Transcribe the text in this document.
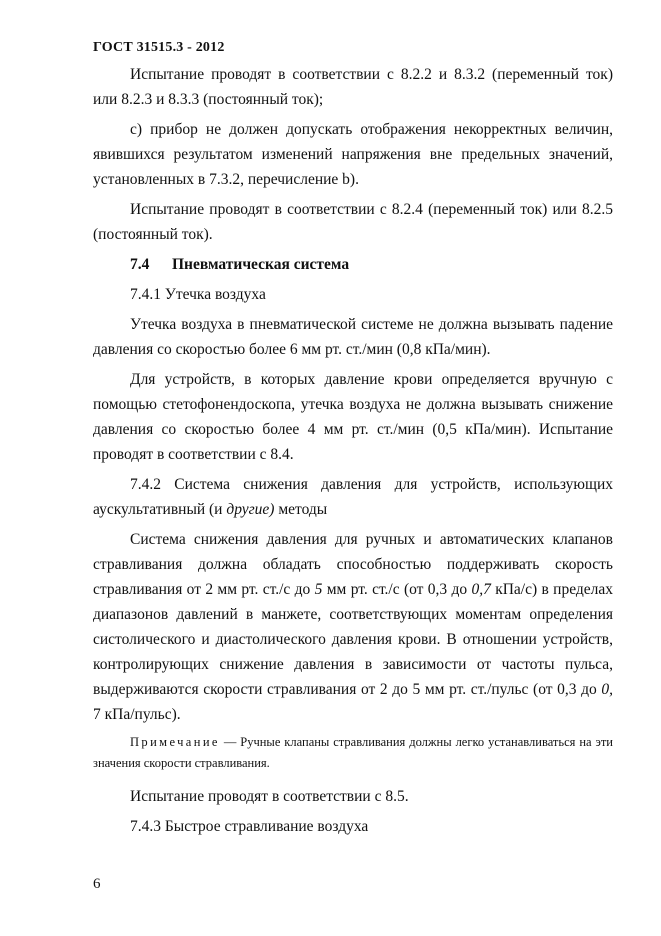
ГОСТ 31515.3 - 2012

Испытание проводят в соответствии с 8.2.2 и 8.3.2 (переменный ток) или 8.2.3 и 8.3.3 (постоянный ток);

c) прибор не должен допускать отображения некорректных величин, явившихся результатом изменений напряжения вне предельных значений, установленных в 7.3.2, перечисление b).

Испытание проводят в соответствии с 8.2.4 (переменный ток) или 8.2.5 (постоянный ток).

7.4 Пневматическая система

7.4.1 Утечка воздуха

Утечка воздуха в пневматической системе не должна вызывать падение давления со скоростью более 6 мм рт. ст./мин (0,8 кПа/мин).

Для устройств, в которых давление крови определяется вручную с помощью стетофонендоскопа, утечка воздуха не должна вызывать снижение давления со скоростью более 4 мм рт. ст./мин (0,5 кПа/мин). Испытание проводят в соответствии с 8.4.

7.4.2 Система снижения давления для устройств, использующих аускультативный (и другие) методы

Система снижения давления для ручных и автоматических клапанов стравливания должна обладать способностью поддерживать скорость стравливания от 2 мм рт. ст./с до 5 мм рт. ст./с (от 0,3 до 0,7 кПа/с) в пределах диапазонов давлений в манжете, соответствующих моментам определения систолического и диастолического давления крови. В отношении устройств, контролирующих снижение давления в зависимости от частоты пульса, выдерживаются скорости стравливания от 2 до 5 мм рт. ст./пульс (от 0,3 до 0, 7 кПа/пульс).

Примечание — Ручные клапаны стравливания должны легко устанавливаться на эти значения скорости стравливания.

Испытание проводят в соответствии с 8.5.

7.4.3 Быстрое стравливание воздуха

6
